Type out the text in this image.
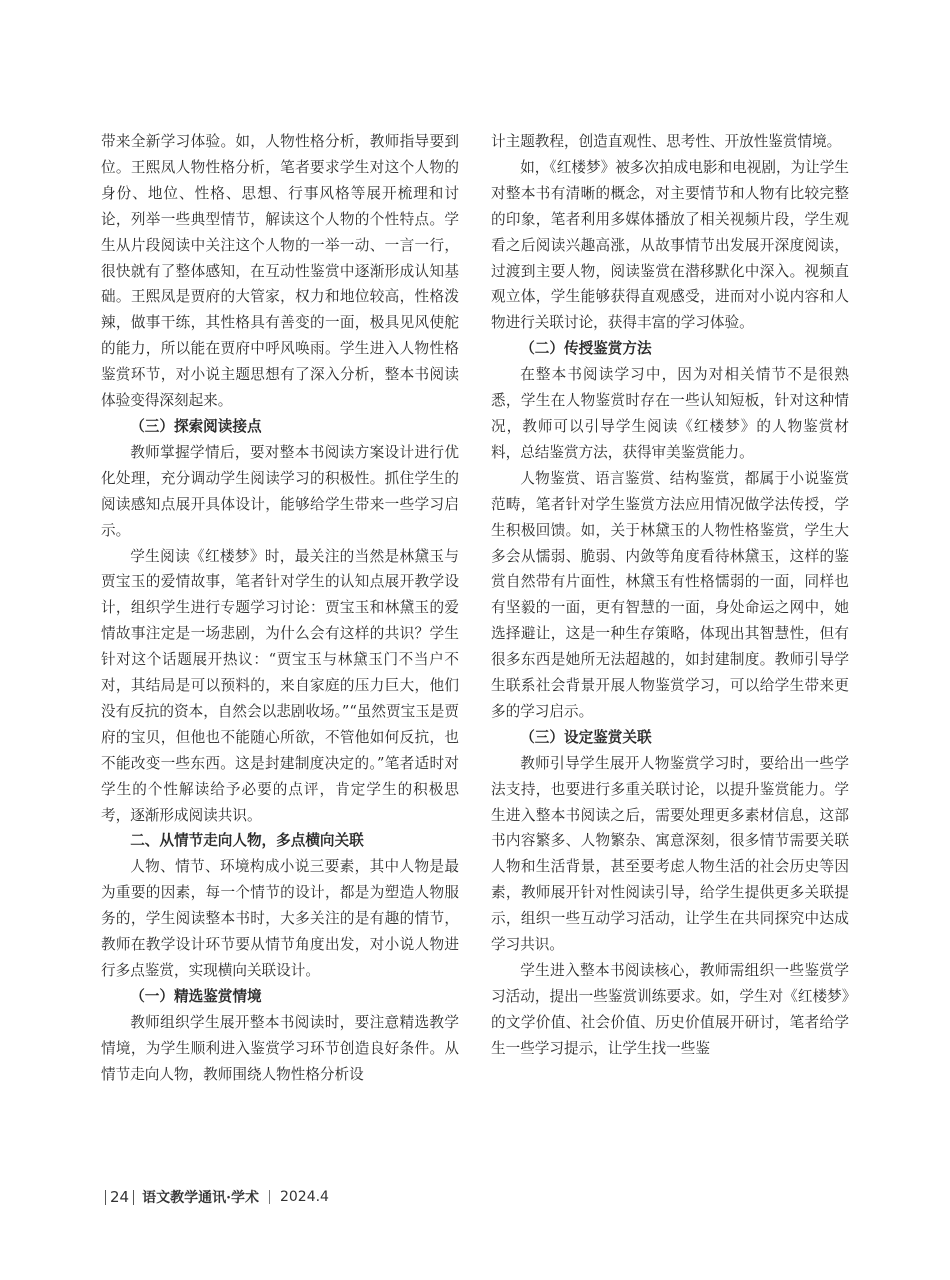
带来全新学习体验。如，人物性格分析，教师指导要到位。王熙凤人物性格分析，笔者要求学生对这个人物的身份、地位、性格、思想、行事风格等展开梳理和讨论，列举一些典型情节，解读这个人物的个性特点。学生从片段阅读中关注这个人物的一举一动、一言一行，很快就有了整体感知，在互动性鉴赏中逐渐形成认知基础。王熙凤是贾府的大管家，权力和地位较高，性格泼辣，做事干练，其性格具有善变的一面，极具见风使舵的能力，所以能在贾府中呼风唤雨。学生进入人物性格鉴赏环节，对小说主题思想有了深入分析，整本书阅读体验变得深刻起来。

（三）探索阅读接点

教师掌握学情后，要对整本书阅读方案设计进行优化处理，充分调动学生阅读学习的积极性。抓住学生的阅读感知点展开具体设计，能够给学生带来一些学习启示。

学生阅读《红楼梦》时，最关注的当然是林黛玉与贾宝玉的爱情故事，笔者针对学生的认知点展开教学设计，组织学生进行专题学习讨论：贾宝玉和林黛玉的爱情故事注定是一场悲剧，为什么会有这样的共识？学生针对这个话题展开热议：“贾宝玉与林黛玉门不当户不对，其结局是可以预料的，来自家庭的压力巨大，他们没有反抗的资本，自然会以悲剧收场。”“虽然贾宝玉是贾府的宝贝，但他也不能随心所欲，不管他如何反抗，也不能改变一些东西。这是封建制度决定的。”笔者适时对学生的个性解读给予必要的点评，肯定学生的积极思考，逐渐形成阅读共识。

二、从情节走向人物，多点横向关联

人物、情节、环境构成小说三要素，其中人物是最为重要的因素，每一个情节的设计，都是为塑造人物服务的，学生阅读整本书时，大多关注的是有趣的情节，教师在教学设计环节要从情节角度出发，对小说人物进行多点鉴赏，实现横向关联设计。

（一）精选鉴赏情境

教师组织学生展开整本书阅读时，要注意精选教学情境，为学生顺利进入鉴赏学习环节创造良好条件。从情节走向人物，教师围绕人物性格分析设

计主题教程，创造直观性、思考性、开放性鉴赏情境。

如，《红楼梦》被多次拍成电影和电视剧，为让学生对整本书有清晰的概念，对主要情节和人物有比较完整的印象，笔者利用多媒体播放了相关视频片段，学生观看之后阅读兴趣高涨，从故事情节出发展开深度阅读，过渡到主要人物，阅读鉴赏在潜移默化中深入。视频直观立体，学生能够获得直观感受，进而对小说内容和人物进行关联讨论，获得丰富的学习体验。

（二）传授鉴赏方法

在整本书阅读学习中，因为对相关情节不是很熟悉，学生在人物鉴赏时存在一些认知短板，针对这种情况，教师可以引导学生阅读《红楼梦》的人物鉴赏材料，总结鉴赏方法，获得审美鉴赏能力。

人物鉴赏、语言鉴赏、结构鉴赏，都属于小说鉴赏范畴，笔者针对学生鉴赏方法应用情况做学法传授，学生积极回馈。如，关于林黛玉的人物性格鉴赏，学生大多会从懦弱、脆弱、内敛等角度看待林黛玉，这样的鉴赏自然带有片面性，林黛玉有性格懦弱的一面，同样也有坚毅的一面，更有智慧的一面，身处命运之网中，她选择避让，这是一种生存策略，体现出其智慧性，但有很多东西是她所无法超越的，如封建制度。教师引导学生联系社会背景开展人物鉴赏学习，可以给学生带来更多的学习启示。

（三）设定鉴赏关联

教师引导学生展开人物鉴赏学习时，要给出一些学法支持，也要进行多重关联讨论，以提升鉴赏能力。学生进入整本书阅读之后，需要处理更多素材信息，这部书内容繁多、人物繁杂、寓意深刻，很多情节需要关联人物和生活背景，甚至要考虑人物生活的社会历史等因素，教师展开针对性阅读引导，给学生提供更多关联提示，组织一些互动学习活动，让学生在共同探究中达成学习共识。

学生进入整本书阅读核心，教师需组织一些鉴赏学习活动，提出一些鉴赏训练要求。如，学生对《红楼梦》的文学价值、社会价值、历史价值展开研讨，笔者给学生一些学习提示，让学生找一些鉴

24 语文教学通讯·学术 2024.4
